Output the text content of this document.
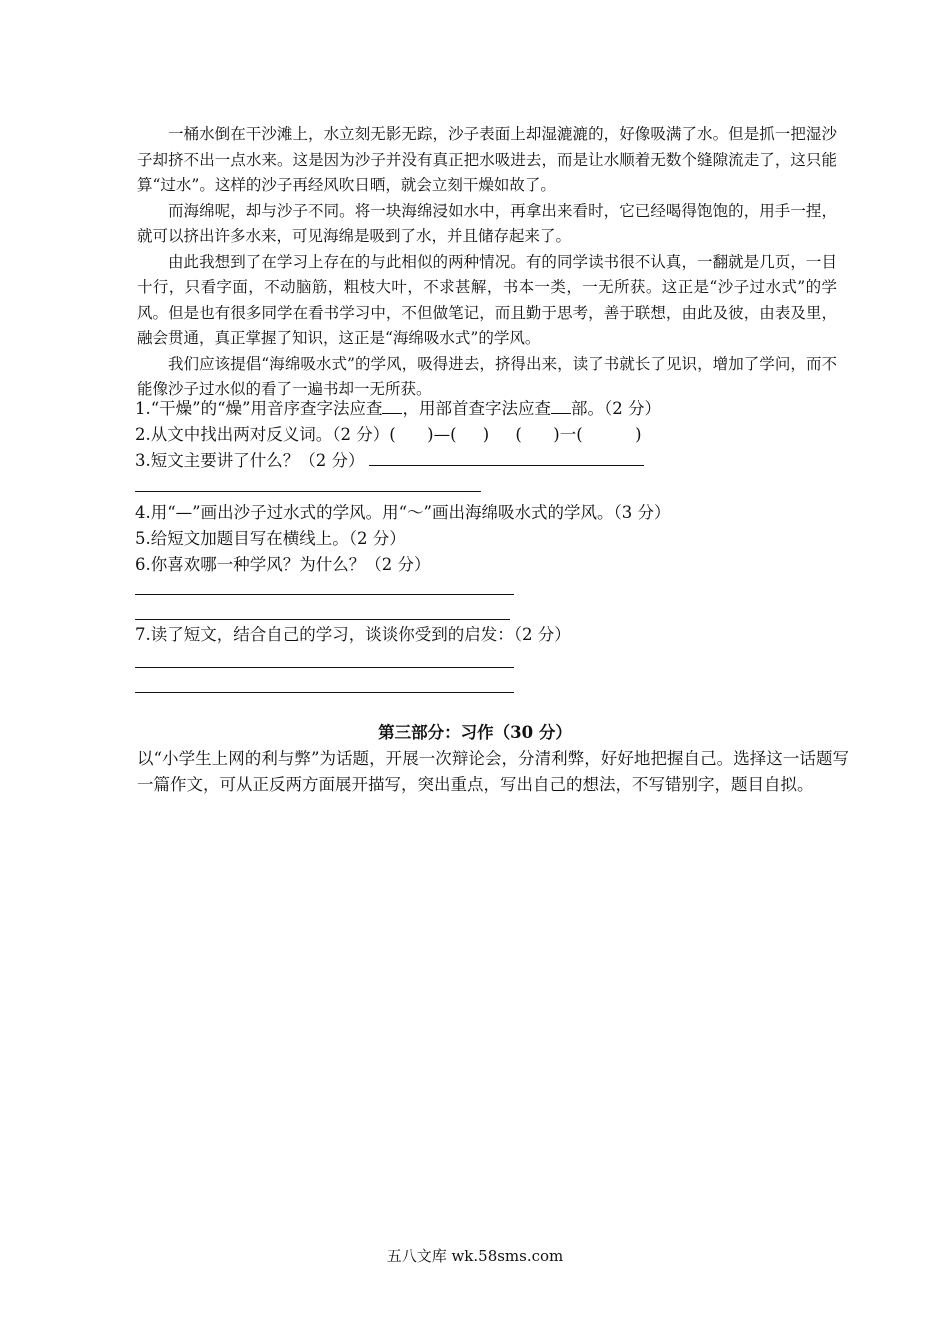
一桶水倒在干沙滩上，水立刻无影无踪，沙子表面上却湿漉漉的，好像吸满了水。但是抓一把湿沙子却挤不出一点水来。这是因为沙子并没有真正把水吸进去，而是让水顺着无数个缝隙流走了，这只能算“过水”。这样的沙子再经风吹日晒，就会立刻干燥如故了。

而海绵呢，却与沙子不同。将一块海绵浸如水中，再拿出来看时，它已经喝得饱饱的，用手一捏，就可以挤出许多水来，可见海绵是吸到了水，并且储存起来了。

由此我想到了在学习上存在的与此相似的两种情况。有的同学读书很不认真，一翻就是几页，一目十行，只看字面，不动脑筋，粗枝大叶，不求甚解，书本一类，一无所获。这正是“沙子过水式”的学风。但是也有很多同学在看书学习中，不但做笔记，而且勤于思考，善于联想，由此及彼，由表及里，融会贯通，真正掌握了知识，这正是“海绵吸水式”的学风。

我们应该提倡“海绵吸水式”的学风，吸得进去，挤得出来，读了书就长了见识，增加了学问，而不能像沙子过水似的看了一遍书却一无所获。

1.“干燥”的“燥”用音序查字法应查 ，用部首查字法应查 部。（2 分）
2.从文中找出两对反义词。（2 分）(      )—(     )     (      )一(          )
3.短文主要讲了什么？（2 分）
4.用“—”画出沙子过水式的学风。用“～”画出海绵吸水式的学风。（3 分）
5.给短文加题目写在横线上。（2 分）
6.你喜欢哪一种学风？为什么？（2 分）
7.读了短文，结合自己的学习，谈谈你受到的启发：（2 分）
第三部分：习作（30 分）
以“小学生上网的利与弊”为话题，开展一次辩论会，分清利弊，好好地把握自己。选择这一话题写一篇作文，可从正反两方面展开描写，突出重点，写出自己的想法，不写错别字，题目自拟。
五八文库 wk.58sms.com
